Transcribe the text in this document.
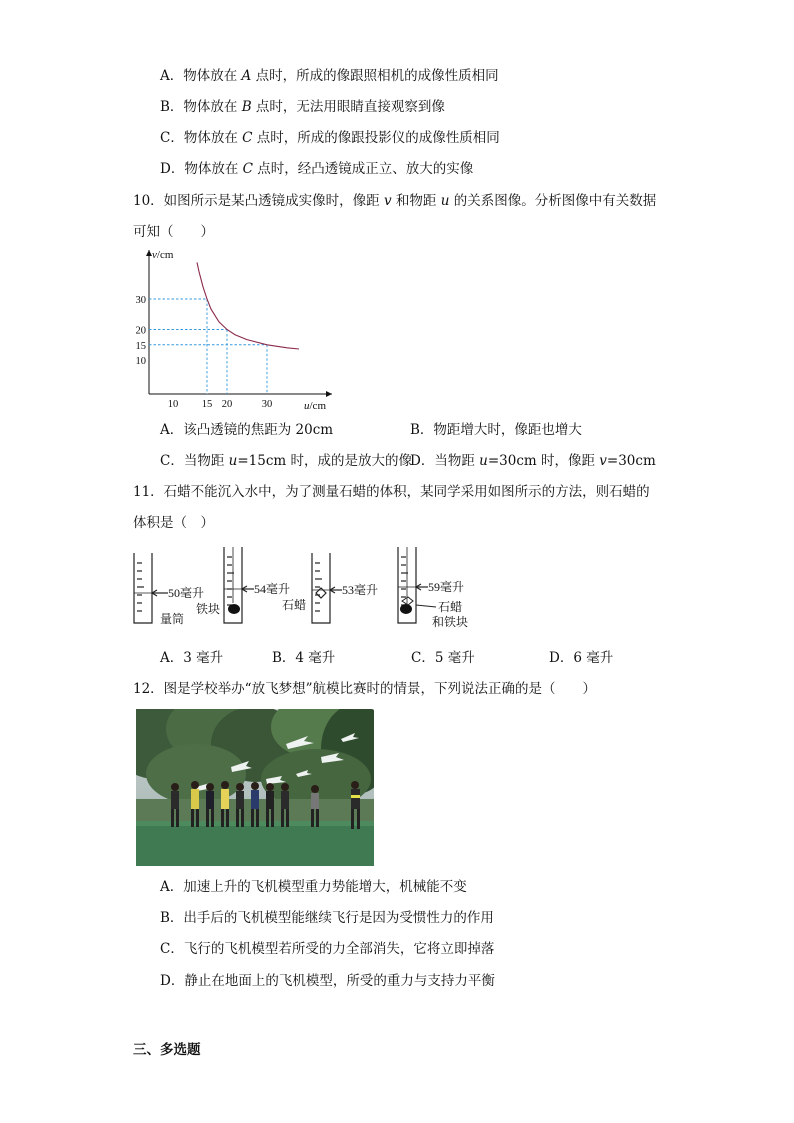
A．物体放在 A 点时，所成的像跟照相机的成像性质相同
B．物体放在 B 点时，无法用眼睛直接观察到像
C．物体放在 C 点时，所成的像跟投影仪的成像性质相同
D．物体放在 C 点时，经凸透镜成正立、放大的实像
10．如图所示是某凸透镜成实像时，像距 v 和物距 u 的关系图像。分析图像中有关数据
可知（　　）
30
20
15
10
10 15 20	30
v/cm
u/cm
A．该凸透镜的焦距为 20cm	B．物距增大时，像距也增大
C．当物距 u=15cm 时，成的是放大的像
D．当物距 u=30cm 时，像距 v=30cm
11．石蜡不能沉入水中，为了测量石蜡的体积，某同学采用如图所示的方法，则石蜡的
体积是（　）
50毫升
量筒
54毫升
铁块
53毫升
石蜡
59毫升
石蜡
和铁块
A．3 毫升	B．4 毫升	C．5 毫升	D．6 毫升
12．图是学校举办“放飞梦想”航模比赛时的情景，下列说法正确的是（　　）
A．加速上升的飞机模型重力势能增大，机械能不变
B．出手后的飞机模型能继续飞行是因为受惯性力的作用
C．飞行的飞机模型若所受的力全部消失，它将立即掉落
D．静止在地面上的飞机模型，所受的重力与支持力平衡
三、多选题
